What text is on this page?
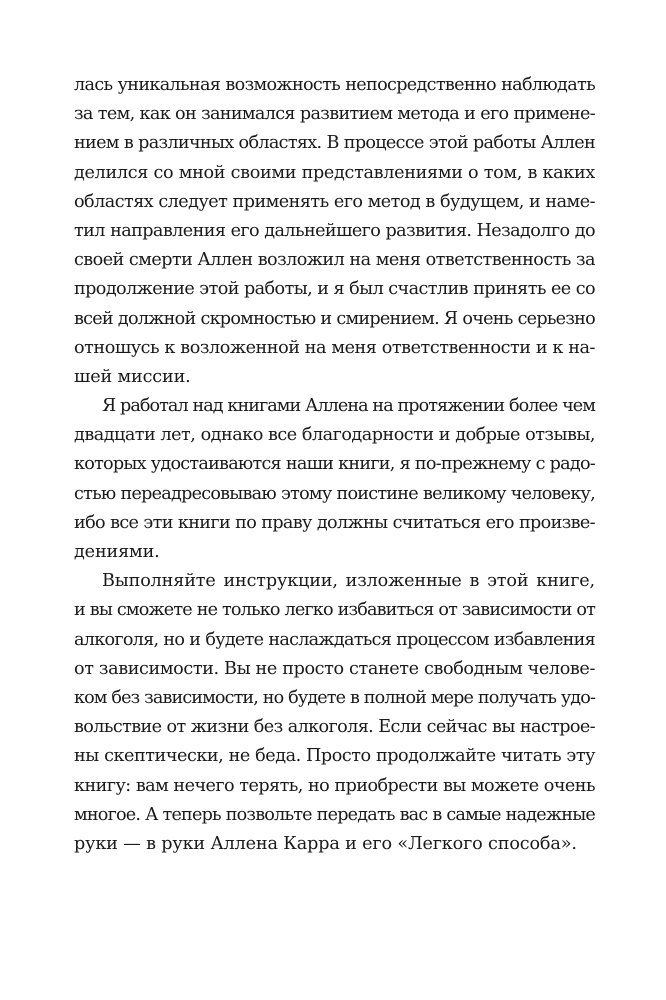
лась уникальная возможность непосредственно наблюдать
за тем, как он занимался развитием метода и его примене-
нием в различных областях. В процессе этой работы Аллен
делился со мной своими представлениями о том, в каких
областях следует применять его метод в будущем, и наме-
тил направления его дальнейшего развития. Незадолго до
своей смерти Аллен возложил на меня ответственность за
продолжение этой работы, и я был счастлив принять ее со
всей должной скромностью и смирением. Я очень серьезно
отношусь к возложенной на меня ответственности и к на-
шей миссии.
Я работал над книгами Аллена на протяжении более чем
двадцати лет, однако все благодарности и добрые отзывы,
которых удостаиваются наши книги, я по-прежнему с радо-
стью переадресовываю этому поистине великому человеку,
ибо все эти книги по праву должны считаться его произве-
дениями.
Выполняйте инструкции, изложенные в этой книге,
и вы сможете не только легко избавиться от зависимости от
алкоголя, но и будете наслаждаться процессом избавления
от зависимости. Вы не просто станете свободным челове-
ком без зависимости, но будете в полной мере получать удо-
вольствие от жизни без алкоголя. Если сейчас вы настрое-
ны скептически, не беда. Просто продолжайте читать эту
книгу: вам нечего терять, но приобрести вы можете очень
многое. А теперь позвольте передать вас в самые надежные
руки — в руки Аллена Карра и его «Легкого способа».
